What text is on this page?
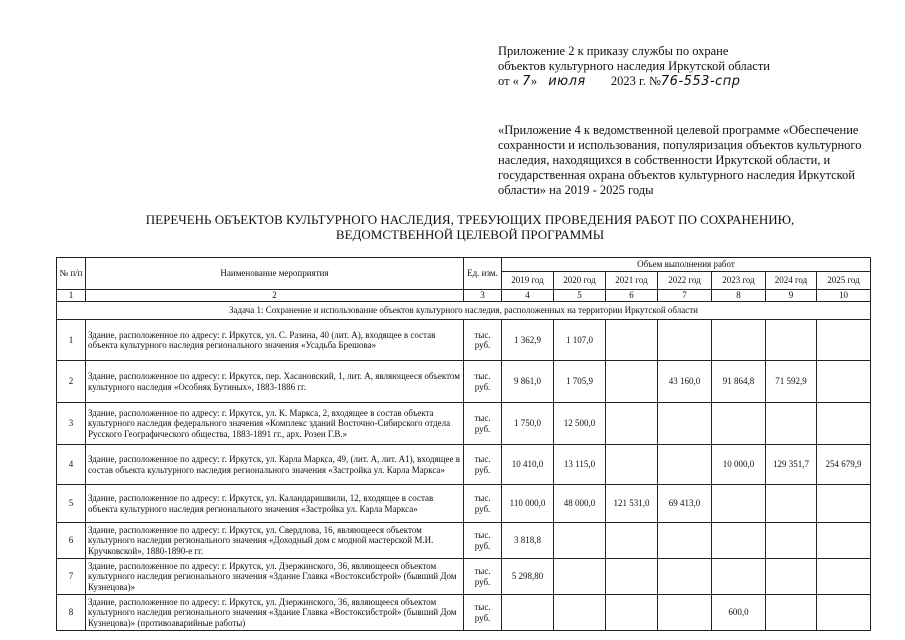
Приложение 2 к приказу службы по охране
объектов культурного наследия Иркутской области
от « 7» июля 2023 г. №76-553-спр
«Приложение 4 к ведомственной целевой программе «Обеспечение сохранности и использования, популяризация объектов культурного наследия, находящихся в собственности Иркутской области, и государственная охрана объектов культурного наследия Иркутской области» на 2019 - 2025 годы
ПЕРЕЧЕНЬ ОБЪЕКТОВ КУЛЬТУРНОГО НАСЛЕДИЯ, ТРЕБУЮЩИХ ПРОВЕДЕНИЯ РАБОТ ПО СОХРАНЕНИЮ,
ВЕДОМСТВЕННОЙ ЦЕЛЕВОЙ ПРОГРАММЫ
№ п/п	Наименование мероприятия	Ед. изм.	Объем выполнения работ						
			2019 год	2020 год	2021 год	2022 год	2023 год	2024 год	2025 год
1	2	3	4	5	6	7	8	9	10
Задача 1: Сохранение и использование объектов культурного наследия, расположенных на территории Иркутской области									
1	Здание, расположенное по адресу: г. Иркутск, ул. С. Разина, 40 (лит. А), входящее в состав объекта культурного наследия регионального значения «Усадьба Брешова»	тыс. руб.	1 362,9	1 107,0					
2	Здание, расположенное по адресу: г. Иркутск, пер. Хасановский, 1, лит. А, являющееся объектом культурного наследия «Особняк Бутиных», 1883-1886 гг.	тыс. руб.	9 861,0	1 705,9		43 160,0	91 864,8	71 592,9	
3	Здание, расположенное по адресу: г. Иркутск, ул. К. Маркса, 2, входящее в состав объекта культурного наследия федерального значения «Комплекс зданий Восточно-Сибирского отдела Русского Географического общества, 1883-1891 гг., арх. Розен Г.В.»	тыс. руб.	1 750,0	12 500,0					
4	Здание, расположенное по адресу: г. Иркутск, ул. Карла Маркса, 49, (лит. А, лит. А1), входящее в состав объекта культурного наследия регионального значения «Застройка ул. Карла Маркса»	тыс. руб.	10 410,0	13 115,0			10 000,0	129 351,7	254 679,9
5	Здание, расположенное по адресу: г. Иркутск, ул. Каландаришвили, 12, входящее в состав объекта культурного наследия регионального значения «Застройка ул. Карла Маркса»	тыс. руб.	110 000,0	48 000,0	121 531,0	69 413,0			
6	Здание, расположенное по адресу: г. Иркутск, ул. Свердлова, 16, являющееся объектом культурного наследия регионального значения «Доходный дом с модной мастерской М.И. Кручковской», 1880-1890-е гг.	тыс. руб.	3 818,8						
7	Здание, расположенное по адресу: г. Иркутск, ул. Дзержинского, 36, являющееся объектом культурного наследия регионального значения «Здание Главка «Востоксибстрой» (бывший Дом Кузнецова)»	тыс. руб.	5 298,80						
8	Здание, расположенное по адресу: г. Иркутск, ул. Дзержинского, 36, являющееся объектом культурного наследия регионального значения «Здание Главка «Востоксибстрой» (бывший Дом Кузнецова)» (противоаварийные работы)	тыс. руб.					600,0		
